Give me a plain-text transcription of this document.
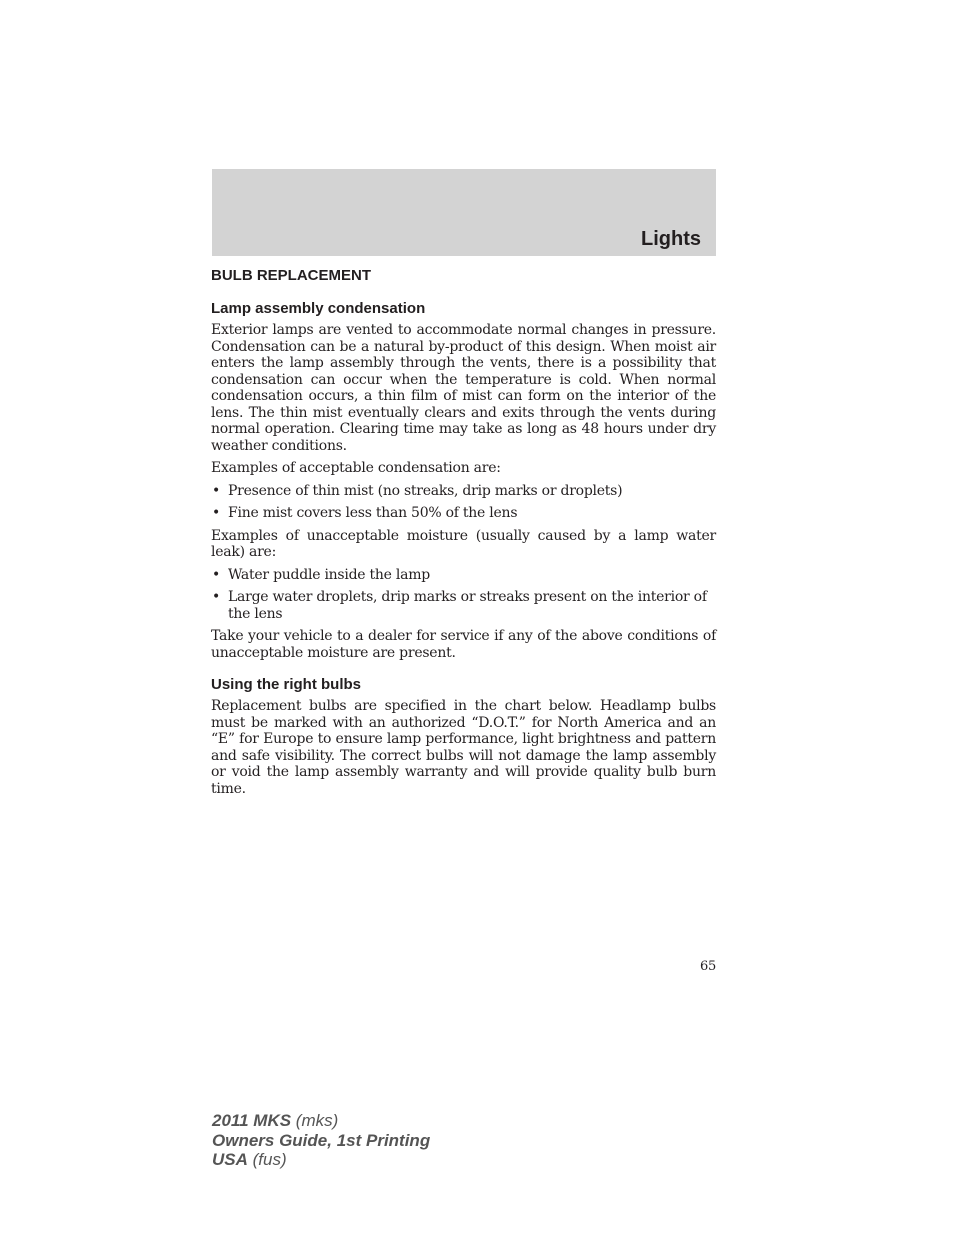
Lights
BULB REPLACEMENT
Lamp assembly condensation

Exterior lamps are vented to accommodate normal changes in pressure. Condensation can be a natural by-product of this design. When moist air enters the lamp assembly through the vents, there is a possibility that condensation can occur when the temperature is cold. When normal condensation occurs, a thin film of mist can form on the interior of the lens. The thin mist eventually clears and exits through the vents during normal operation. Clearing time may take as long as 48 hours under dry weather conditions.

Examples of acceptable condensation are:

• Presence of thin mist (no streaks, drip marks or droplets)
• Fine mist covers less than 50% of the lens

Examples of unacceptable moisture (usually caused by a lamp water leak) are:

• Water puddle inside the lamp
• Large water droplets, drip marks or streaks present on the interior of the lens

Take your vehicle to a dealer for service if any of the above conditions of unacceptable moisture are present.

Using the right bulbs

Replacement bulbs are specified in the chart below. Headlamp bulbs must be marked with an authorized “D.O.T.” for North America and an “E” for Europe to ensure lamp performance, light brightness and pattern and safe visibility. The correct bulbs will not damage the lamp assembly or void the lamp assembly warranty and will provide quality bulb burn time.

65

2011 MKS (mks)
Owners Guide, 1st Printing
USA (fus)
